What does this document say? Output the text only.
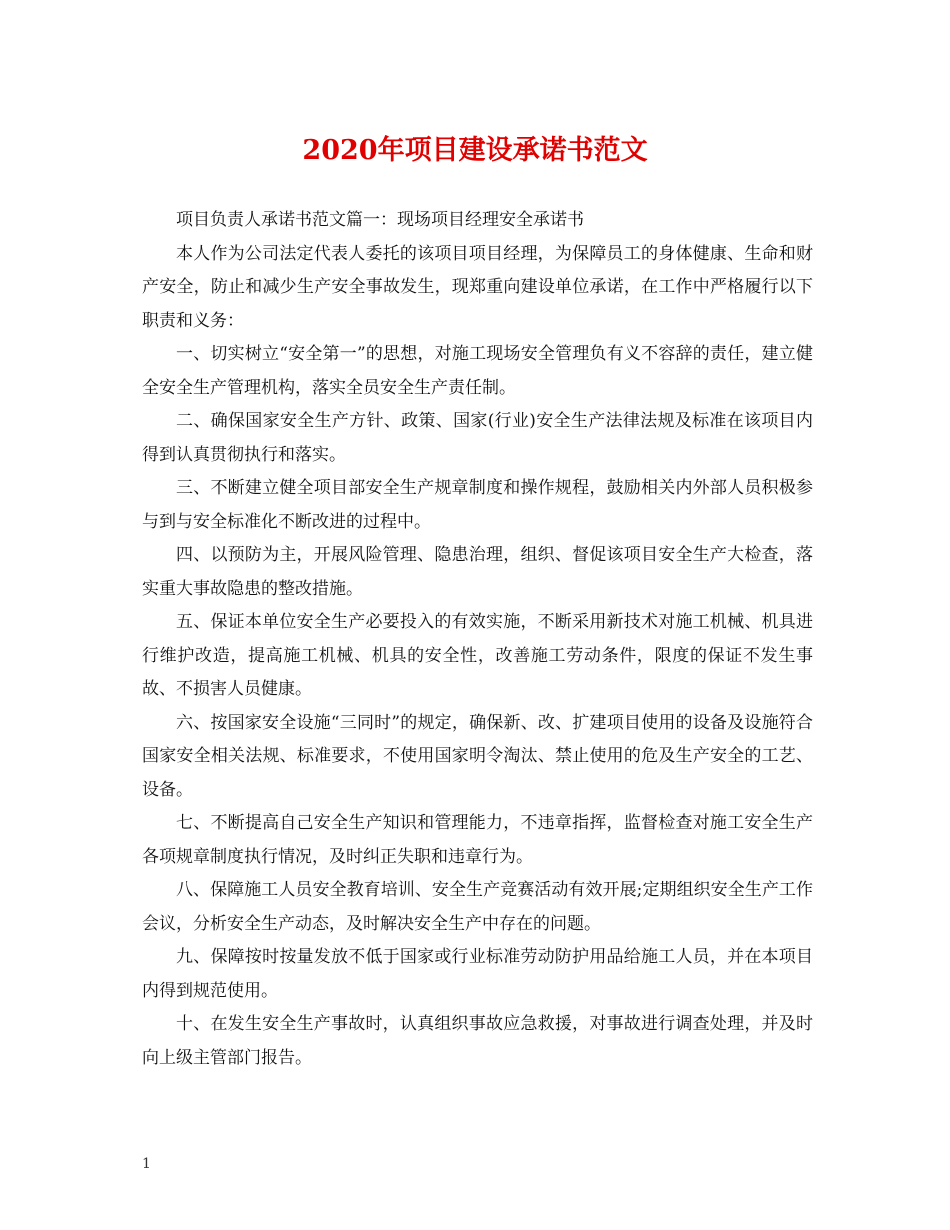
2020年项目建设承诺书范文

项目负责人承诺书范文篇一：现场项目经理安全承诺书

本人作为公司法定代表人委托的该项目项目经理，为保障员工的身体健康、生命和财产安全，防止和减少生产安全事故发生，现郑重向建设单位承诺，在工作中严格履行以下职责和义务：

一、切实树立“安全第一”的思想，对施工现场安全管理负有义不容辞的责任，建立健全安全生产管理机构，落实全员安全生产责任制。

二、确保国家安全生产方针、政策、国家(行业)安全生产法律法规及标准在该项目内得到认真贯彻执行和落实。

三、不断建立健全项目部安全生产规章制度和操作规程，鼓励相关内外部人员积极参与到与安全标准化不断改进的过程中。

四、以预防为主，开展风险管理、隐患治理，组织、督促该项目安全生产大检查，落实重大事故隐患的整改措施。

五、保证本单位安全生产必要投入的有效实施，不断采用新技术对施工机械、机具进行维护改造，提高施工机械、机具的安全性，改善施工劳动条件，限度的保证不发生事故、不损害人员健康。

六、按国家安全设施“三同时”的规定，确保新、改、扩建项目使用的设备及设施符合国家安全相关法规、标准要求，不使用国家明令淘汰、禁止使用的危及生产安全的工艺、设备。

七、不断提高自己安全生产知识和管理能力，不违章指挥，监督检查对施工安全生产各项规章制度执行情况，及时纠正失职和违章行为。

八、保障施工人员安全教育培训、安全生产竞赛活动有效开展;定期组织安全生产工作会议，分析安全生产动态，及时解决安全生产中存在的问题。

九、保障按时按量发放不低于国家或行业标准劳动防护用品给施工人员，并在本项目内得到规范使用。

十、在发生安全生产事故时，认真组织事故应急救援，对事故进行调查处理，并及时向上级主管部门报告。

1
